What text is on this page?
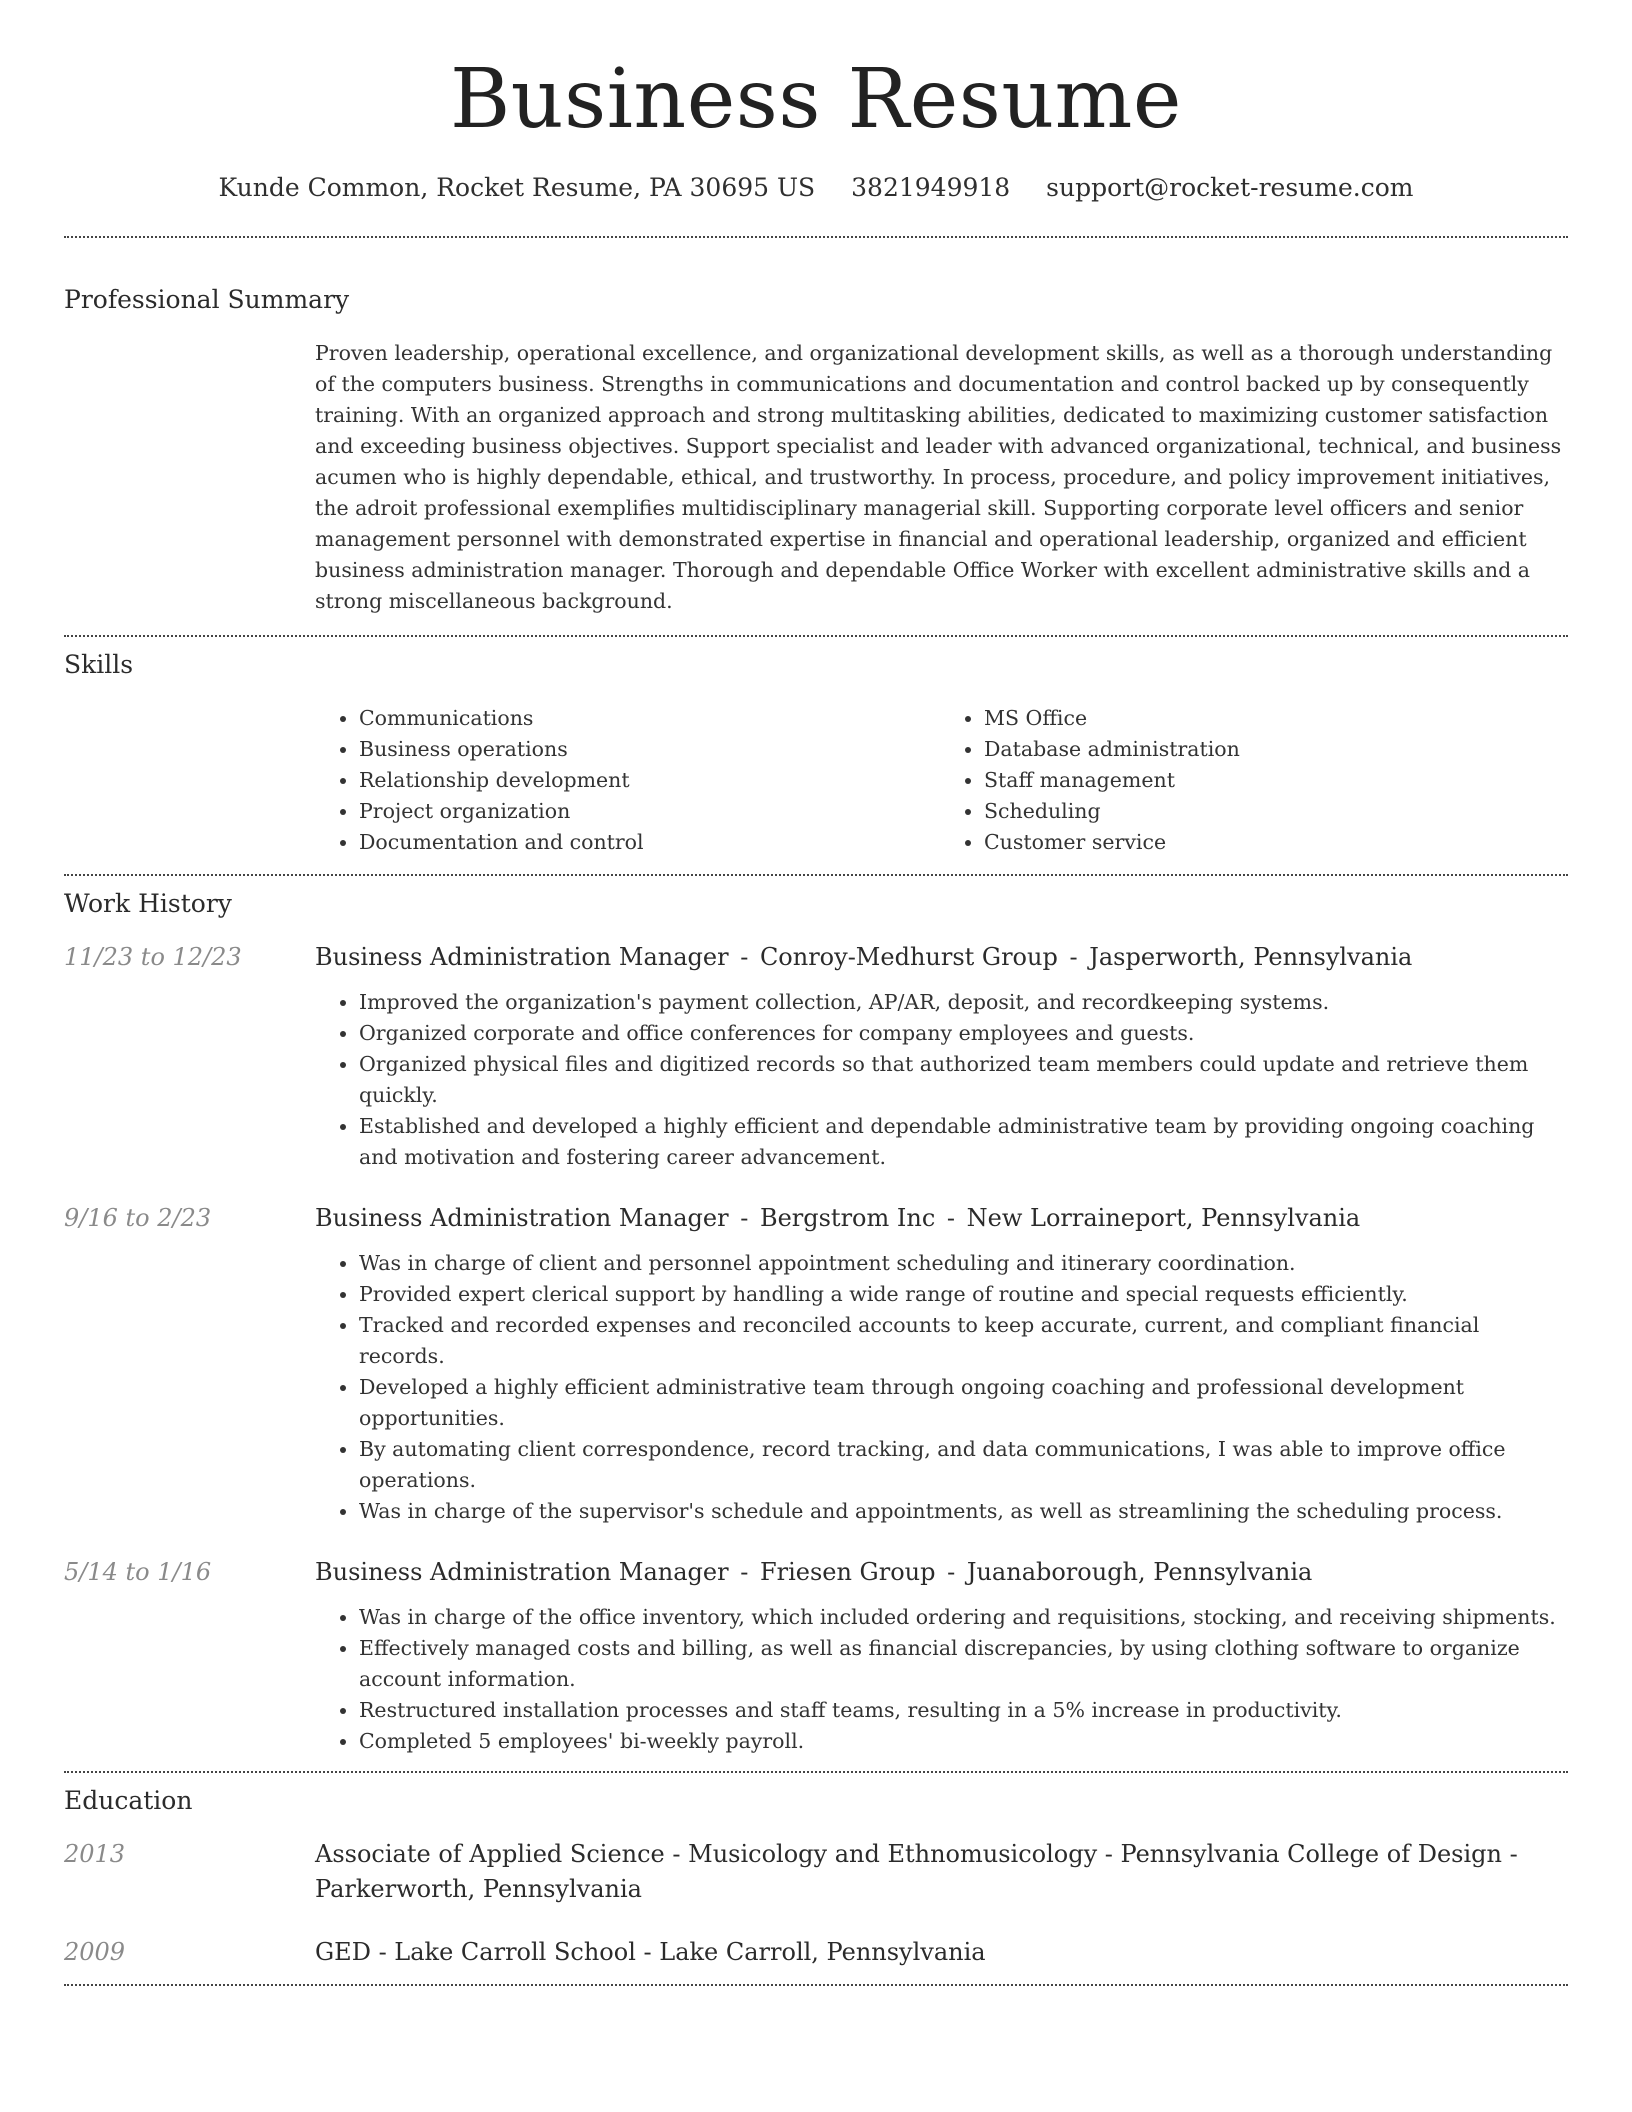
Business Resume
Kunde Common, Rocket Resume, PA 30695 US 3821949918 support@rocket-resume.com
Professional Summary

Proven leadership, operational excellence, and organizational development skills, as well as a thorough understanding of the computers business. Strengths in communications and documentation and control backed up by consequently training. With an organized approach and strong multitasking abilities, dedicated to maximizing customer satisfaction and exceeding business objectives. Support specialist and leader with advanced organizational, technical, and business acumen who is highly dependable, ethical, and trustworthy. In process, procedure, and policy improvement initiatives, the adroit professional exemplifies multidisciplinary managerial skill. Supporting corporate level officers and senior management personnel with demonstrated expertise in financial and operational leadership, organized and efficient business administration manager. Thorough and dependable Office Worker with excellent administrative skills and a strong miscellaneous background.

Skills
• Communications
• Business operations
• Relationship development
• Project organization
• Documentation and control
• MS Office
• Database administration
• Staff management
• Scheduling
• Customer service
Work History
11/23 to 12/23	Business Administration Manager - Conroy-Medhurst Group - Jasperworth, Pennsylvania
• Improved the organization's payment collection, AP/AR, deposit, and recordkeeping systems.
• Organized corporate and office conferences for company employees and guests.
• Organized physical files and digitized records so that authorized team members could update and retrieve them quickly.
• Established and developed a highly efficient and dependable administrative team by providing ongoing coaching and motivation and fostering career advancement.
9/16 to 2/23	Business Administration Manager - Bergstrom Inc - New Lorraineport, Pennsylvania
• Was in charge of client and personnel appointment scheduling and itinerary coordination.
• Provided expert clerical support by handling a wide range of routine and special requests efficiently.
• Tracked and recorded expenses and reconciled accounts to keep accurate, current, and compliant financial records.
• Developed a highly efficient administrative team through ongoing coaching and professional development opportunities.
• By automating client correspondence, record tracking, and data communications, I was able to improve office operations.
• Was in charge of the supervisor's schedule and appointments, as well as streamlining the scheduling process.
5/14 to 1/16	Business Administration Manager - Friesen Group - Juanaborough, Pennsylvania
• Was in charge of the office inventory, which included ordering and requisitions, stocking, and receiving shipments.
• Effectively managed costs and billing, as well as financial discrepancies, by using clothing software to organize account information.
• Restructured installation processes and staff teams, resulting in a 5% increase in productivity.
• Completed 5 employees' bi-weekly payroll.
Education
2013	Associate of Applied Science - Musicology and Ethnomusicology - Pennsylvania College of Design - Parkerworth, Pennsylvania
2009	GED - Lake Carroll School - Lake Carroll, Pennsylvania
